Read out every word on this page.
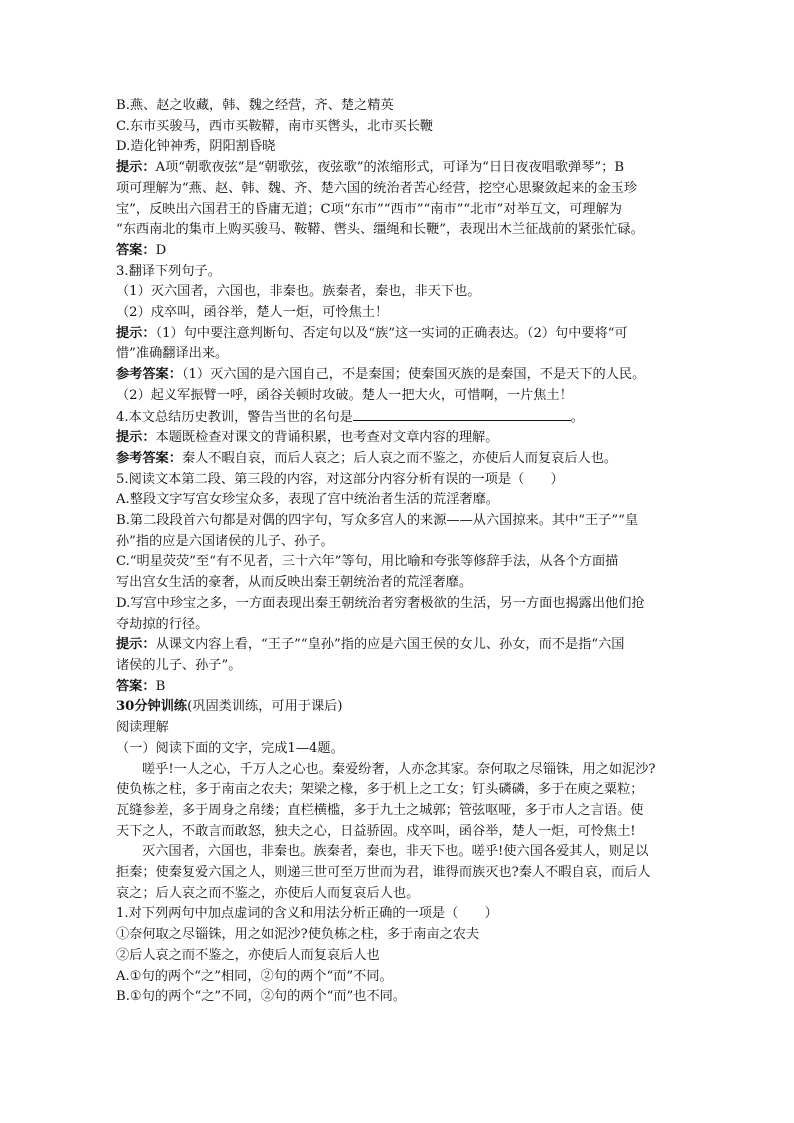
B.燕、赵之收藏，韩、魏之经营，齐、楚之精英
C.东市买骏马，西市买鞍鞯，南市买辔头，北市买长鞭
D.造化钟神秀，阴阳割昏晓
提示：A项“朝歌夜弦”是“朝歌弦，夜弦歌”的浓缩形式，可译为“日日夜夜唱歌弹琴”；B
项可理解为“燕、赵、韩、魏、齐、楚六国的统治者苦心经营，挖空心思聚敛起来的金玉珍
宝”，反映出六国君王的昏庸无道；C项“东市”“西市”“南市”“北市”对举互文，可理解为
“东西南北的集市上购买骏马、鞍鞯、辔头、缰绳和长鞭”，表现出木兰征战前的紧张忙碌。
答案：D
3.翻译下列句子。
（1）灭六国者，六国也，非秦也。族秦者，秦也，非天下也。
（2）戍卒叫，函谷举，楚人一炬，可怜焦土！
提示：（1）句中要注意判断句、否定句以及“族”这一实词的正确表达。（2）句中要将“可
惜”准确翻译出来。
参考答案：（1）灭六国的是六国自己，不是秦国；使秦国灭族的是秦国，不是天下的人民。
（2）起义军振臂一呼，函谷关顿时攻破。楚人一把大火，可惜啊，一片焦土！
4.本文总结历史教训，警告当世的名句是	。
提示：本题既检查对课文的背诵积累，也考查对文章内容的理解。
参考答案：秦人不暇自哀，而后人哀之；后人哀之而不鉴之，亦使后人而复哀后人也。
5.阅读文本第二段、第三段的内容，对这部分内容分析有误的一项是（　　）
A.整段文字写宫女珍宝众多，表现了宫中统治者生活的荒淫奢靡。
B.第二段段首六句都是对偶的四字句，写众多宫人的来源——从六国掠来。其中“王子”“皇
孙”指的应是六国诸侯的儿子、孙子。
C.“明星荧荧”至“有不见者，三十六年”等句，用比喻和夸张等修辞手法，从各个方面描
写出宫女生活的豪奢，从而反映出秦王朝统治者的荒淫奢靡。
D.写宫中珍宝之多，一方面表现出秦王朝统治者穷奢极欲的生活，另一方面也揭露出他们抢
夺劫掠的行径。
提示：从课文内容上看，“王子”“皇孙”指的应是六国王侯的女儿、孙女，而不是指“六国
诸侯的儿子、孙子”。
答案：B
30分钟训练(巩固类训练，可用于课后)
阅读理解
（一）阅读下面的文字，完成1—4题。
嗟乎!一人之心，千万人之心也。秦爱纷奢，人亦念其家。奈何取之尽锱铢，用之如泥沙?
使负栋之柱，多于南亩之农夫；架梁之椽，多于机上之工女；钉头磷磷，多于在庾之粟粒；
瓦缝参差，多于周身之帛缕；直栏横槛，多于九土之城郭；管弦呕哑，多于市人之言语。使
天下之人，不敢言而敢怒，独夫之心，日益骄固。戍卒叫，函谷举，楚人一炬，可怜焦土!
灭六国者，六国也，非秦也。族秦者，秦也，非天下也。嗟乎!使六国各爱其人，则足以
拒秦；使秦复爱六国之人，则递三世可至万世而为君，谁得而族灭也?秦人不暇自哀，而后人
哀之；后人哀之而不鉴之，亦使后人而复哀后人也。
1.对下列两句中加点虚词的含义和用法分析正确的一项是（　　）
①奈何取之尽锱铢，用之如泥沙?使负栋之柱，多于南亩之农夫
②后人哀之而不鉴之，亦使后人而复哀后人也
A.①句的两个“之”相同，②句的两个“而”不同。
B.①句的两个“之”不同，②句的两个“而”也不同。
